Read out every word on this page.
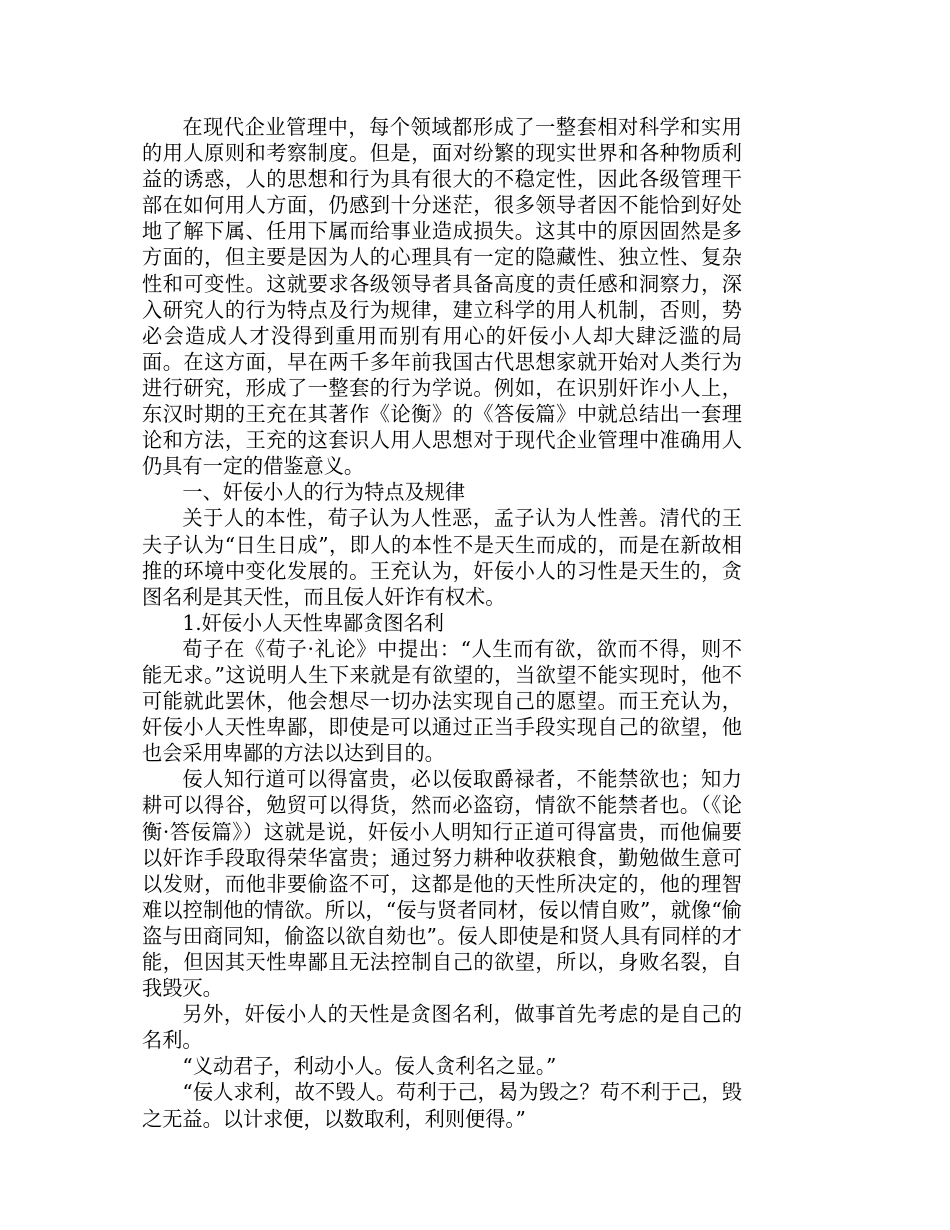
在现代企业管理中，每个领域都形成了一整套相对科学和实用的用人原则和考察制度。但是，面对纷繁的现实世界和各种物质利益的诱惑，人的思想和行为具有很大的不稳定性，因此各级管理干部在如何用人方面，仍感到十分迷茫，很多领导者因不能恰到好处地了解下属、任用下属而给事业造成损失。这其中的原因固然是多方面的，但主要是因为人的心理具有一定的隐藏性、独立性、复杂性和可变性。这就要求各级领导者具备高度的责任感和洞察力，深入研究人的行为特点及行为规律，建立科学的用人机制，否则，势必会造成人才没得到重用而别有用心的奸佞小人却大肆泛滥的局面。在这方面，早在两千多年前我国古代思想家就开始对人类行为进行研究，形成了一整套的行为学说。例如，在识别奸诈小人上，东汉时期的王充在其著作《论衡》的《答佞篇》中就总结出一套理论和方法，王充的这套识人用人思想对于现代企业管理中准确用人仍具有一定的借鉴意义。

一、奸佞小人的行为特点及规律

关于人的本性，荀子认为人性恶，孟子认为人性善。清代的王夫子认为“日生日成”，即人的本性不是天生而成的，而是在新故相推的环境中变化发展的。王充认为，奸佞小人的习性是天生的，贪图名利是其天性，而且佞人奸诈有权术。

1.奸佞小人天性卑鄙贪图名利

荀子在《荀子·礼论》中提出：“人生而有欲，欲而不得，则不能无求。”这说明人生下来就是有欲望的，当欲望不能实现时，他不可能就此罢休，他会想尽一切办法实现自己的愿望。而王充认为，奸佞小人天性卑鄙，即使是可以通过正当手段实现自己的欲望，他也会采用卑鄙的方法以达到目的。

佞人知行道可以得富贵，必以佞取爵禄者，不能禁欲也；知力耕可以得谷，勉贸可以得货，然而必盗窃，情欲不能禁者也。（《论衡·答佞篇》）这就是说，奸佞小人明知行正道可得富贵，而他偏要以奸诈手段取得荣华富贵；通过努力耕种收获粮食，勤勉做生意可以发财，而他非要偷盗不可，这都是他的天性所决定的，他的理智难以控制他的情欲。所以，“佞与贤者同材，佞以情自败”，就像“偷盗与田商同知，偷盗以欲自劾也”。佞人即使是和贤人具有同样的才能，但因其天性卑鄙且无法控制自己的欲望，所以，身败名裂，自我毁灭。

另外，奸佞小人的天性是贪图名利，做事首先考虑的是自己的名利。

“义动君子，利动小人。佞人贪利名之显。”

“佞人求利，故不毁人。苟利于己，曷为毁之？苟不利于己，毁之无益。以计求便，以数取利，利则便得。”
